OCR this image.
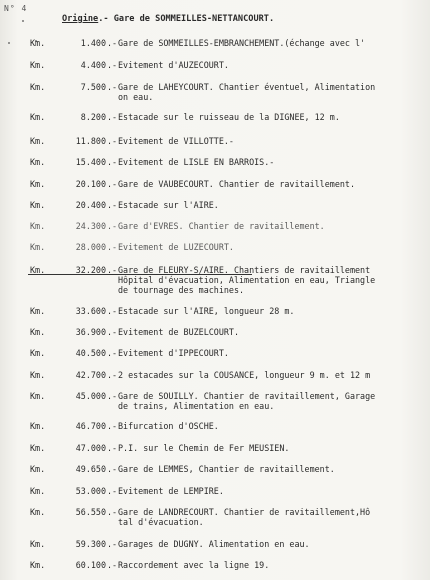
N° 4
Origine.- Gare de SOMMEILLES-NETTANCOURT.
Km.	1.400 .- Gare de SOMMEILLES-EMBRANCHEMENT.(échange avec l'
Km.	4.400 .- Evitement d'AUZECOURT.
Km.	7.500 .- Gare de LAHEYCOURT. Chantier éventuel, Alimentation
on eau.
Km.	8.200 .- Estacade sur le ruisseau de la DIGNEE, 12 m.
Km.	11.800 .- Evitement de VILLOTTE.-
Km.	15.400 .- Evitement de LISLE EN BARROIS.-
Km.	20.100 .- Gare de VAUBECOURT. Chantier de ravitaillement.
Km.	20.400 .- Estacade sur l'AIRE.
Km.	24.300 .- Gare d'EVRES. Chantier de ravitaillement.
Km.	28.000 .- Evitement de LUZECOURT.
Km.	32.200 .- Gare de FLEURY-S/AIRE. Chantiers de ravitaillement
Hôpital d'évacuation, Alimentation en eau, Triangle
de tournage des machines.
Km.	33.600 .- Estacade sur l'AIRE, longueur 28 m.
Km.	36.900 .- Evitement de BUZELCOURT.
Km.	40.500 .- Evitement d'IPPECOURT.
Km.	42.700 .- 2 estacades sur la COUSANCE, longueur 9 m. et 12 m
Km.	45.000 .- Gare de SOUILLY. Chantier de ravitaillement, Garage
de trains, Alimentation en eau.
Km.	46.700 .- Bifurcation d'OSCHE.
Km.	47.000 .- P.I. sur le Chemin de Fer MEUSIEN.
Km.	49.650 .- Gare de LEMMES, Chantier de ravitaillement.
Km.	53.000 .- Evitement de LEMPIRE.
Km.	56.550 .- Gare de LANDRECOURT. Chantier de ravitaillement,Hô
tal d'évacuation.
Km.	59.300 .- Garages de DUGNY. Alimentation en eau.
Km.	60.100 .- Raccordement avec la ligne 19.
